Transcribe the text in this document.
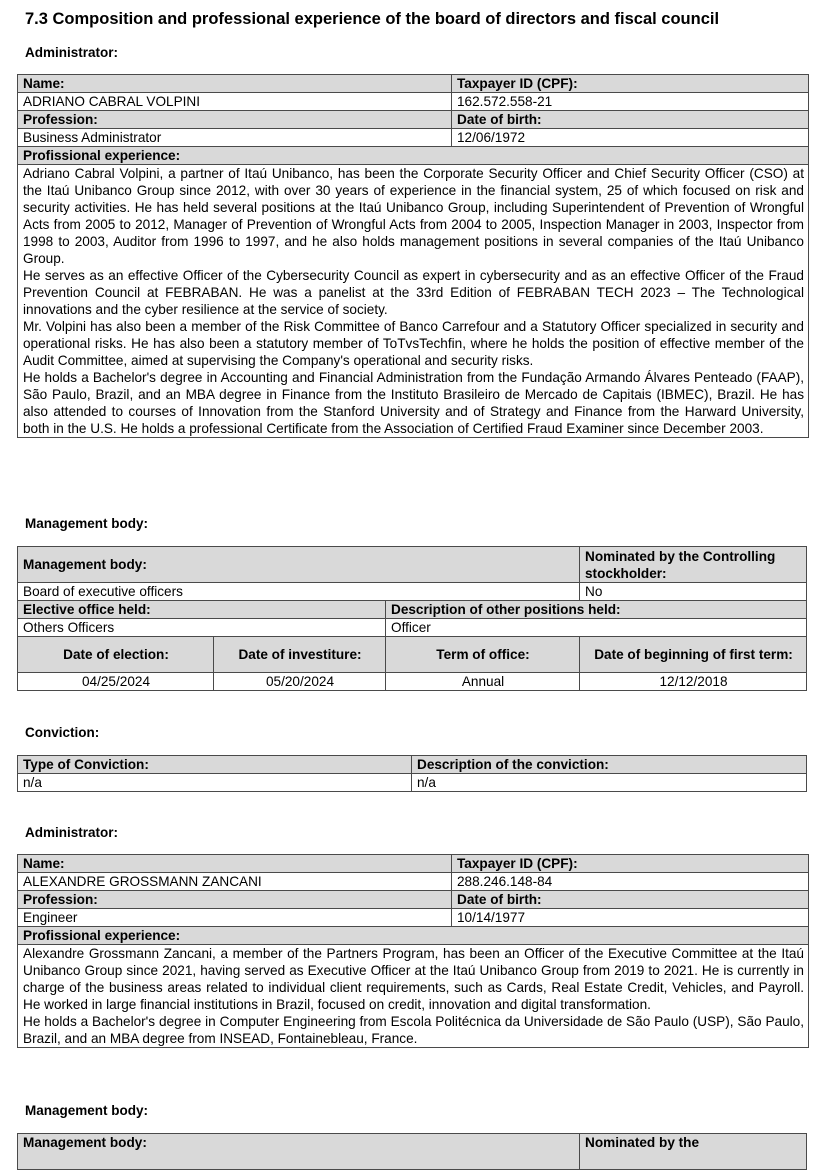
7.3 Composition and professional experience of the board of directors and fiscal council
Administrator:
Name:	Taxpayer ID (CPF):
ADRIANO CABRAL VOLPINI	162.572.558-21
Profession:	Date of birth:
Business Administrator	12/06/1972
Profissional experience:	

Adriano Cabral Volpini, a partner of Itaú Unibanco, has been the Corporate Security Officer and Chief Security Officer (CSO) at the Itaú Unibanco Group since 2012, with over 30 years of experience in the financial system, 25 of which focused on risk and security activities. He has held several positions at the Itaú Unibanco Group, including Superintendent of Prevention of Wrongful Acts from 2005 to 2012, Manager of Prevention of Wrongful Acts from 2004 to 2005, Inspection Manager in 2003, Inspector from 1998 to 2003, Auditor from 1996 to 1997, and he also holds management positions in several companies of the Itaú Unibanco Group.
He serves as an effective Officer of the Cybersecurity Council as expert in cybersecurity and as an effective Officer of the Fraud Prevention Council at FEBRABAN. He was a panelist at the 33rd Edition of FEBRABAN TECH 2023 – The Technological innovations and the cyber resilience at the service of society.
Mr. Volpini has also been a member of the Risk Committee of Banco Carrefour and a Statutory Officer specialized in security and operational risks. He has also been a statutory member of ToTvsTechfin, where he holds the position of effective member of the Audit Committee, aimed at supervising the Company's operational and security risks.
He holds a Bachelor's degree in Accounting and Financial Administration from the Fundação Armando Álvares Penteado (FAAP), São Paulo, Brazil, and an MBA degree in Finance from the Instituto Brasileiro de Mercado de Capitais (IBMEC), Brazil. He has also attended to courses of Innovation from the Stanford University and of Strategy and Finance from the Harward University, both in the U.S. He holds a professional Certificate from the Association of Certified Fraud Examiner since December 2003.	
Management body:
Management body:			Nominated by the Controlling stockholder:

Board of executive officers			No
Elective office held:		Description of other positions held:	
Others Officers		Officer	
Date of election:	Date of investiture:	Term of office:	Date of beginning of first term:
04/25/2024	05/20/2024	Annual	12/12/2018
Conviction:
Type of Conviction:	Description of the conviction:
n/a	n/a
Administrator:
Name:	Taxpayer ID (CPF):
ALEXANDRE GROSSMANN ZANCANI	288.246.148-84
Profession:	Date of birth:
Engineer	10/14/1977
Profissional experience:	

Alexandre Grossmann Zancani, a member of the Partners Program, has been an Officer of the Executive Committee at the Itaú Unibanco Group since 2021, having served as Executive Officer at the Itaú Unibanco Group from 2019 to 2021. He is currently in charge of the business areas related to individual client requirements, such as Cards, Real Estate Credit, Vehicles, and Payroll. He worked in large financial institutions in Brazil, focused on credit, innovation and digital transformation.
He holds a Bachelor's degree in Computer Engineering from Escola Politécnica da Universidade de São Paulo (USP), São Paulo, Brazil, and an MBA degree from INSEAD, Fontainebleau, France.	
Management body:
Management body:	Nominated by the
